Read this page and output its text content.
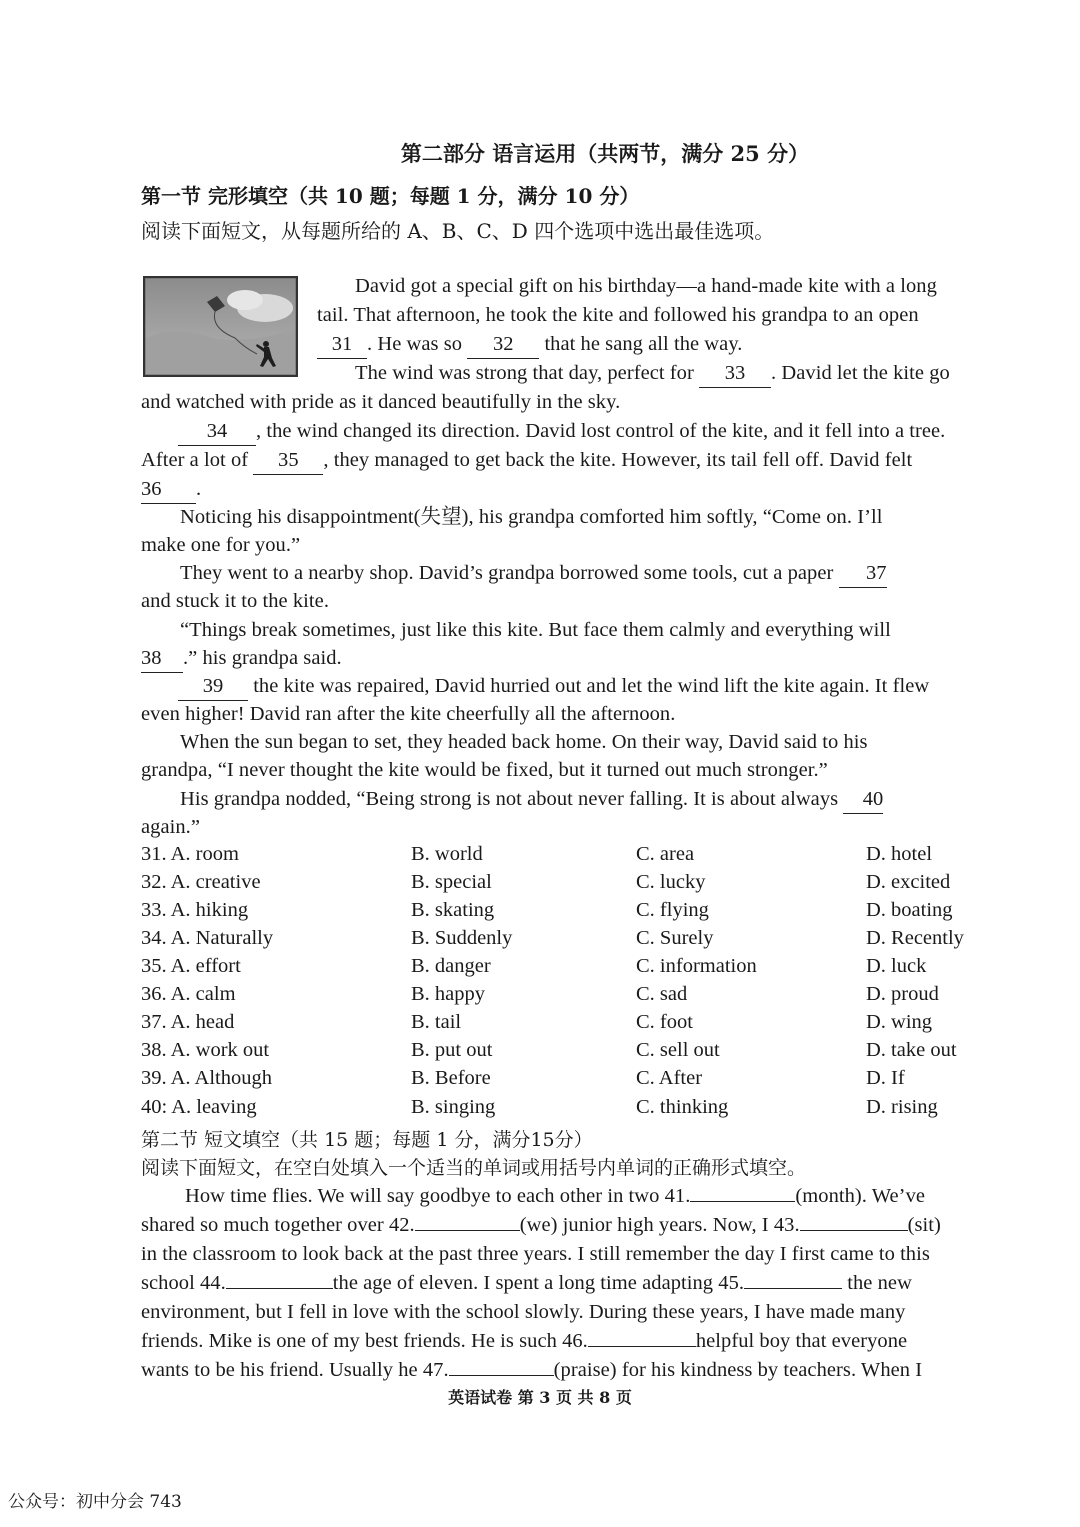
第二部分 语言运用（共两节，满分 25 分）
第一节 完形填空（共 10 题；每题 1 分，满分 10 分）
阅读下面短文，从每题所给的 A、B、C、D 四个选项中选出最佳选项。
David got a special gift on his birthday—a hand-made kite with a long
tail. That afternoon, he took the kite and followed his grandpa to an open
31 . He was so 32 that he sang all the way.
The wind was strong that day, perfect for 33 . David let the kite go
and watched with pride as it danced beautifully in the sky.
34 , the wind changed its direction. David lost control of the kite, and it fell into a tree.
After a lot of 35 , they managed to get back the kite. However, its tail fell off. David felt
36 .
Noticing his disappointment(失望), his grandpa comforted him softly, “Come on. I’ll
make one for you.”
They went to a nearby shop. David’s grandpa borrowed some tools, cut a paper 37
and stuck it to the kite.
“Things break sometimes, just like this kite. But face them calmly and everything will
38 .” his grandpa said.
39 the kite was repaired, David hurried out and let the wind lift the kite again. It flew
even higher! David ran after the kite cheerfully all the afternoon.
When the sun began to set, they headed back home. On their way, David said to his
grandpa, “I never thought the kite would be fixed, but it turned out much stronger.”
His grandpa nodded, “Being strong is not about never falling. It is about always 40
again.”
31. A. room	B. world	C. area	D. hotel
32. A. creative	B. special	C. lucky	D. excited
33. A. hiking	B. skating	C. flying	D. boating
34. A. Naturally	B. Suddenly	C. Surely	D. Recently
35. A. effort	B. danger	C. information	D. luck
36. A. calm	B. happy	C. sad	D. proud
37. A. head	B. tail	C. foot	D. wing
38. A. work out	B. put out	C. sell out	D. take out
39. A. Although	B. Before	C. After	D. If
40: A. leaving	B. singing	C. thinking	D. rising
第二节 短文填空（共 15 题；每题 1 分，满分15分）
阅读下面短文，在空白处填入一个适当的单词或用括号内单词的正确形式填空。
How time flies. We will say goodbye to each other in two 41.	(month). We’ve
shared so much together over 42.	(we) junior high years. Now, I 43.	(sit)
in the classroom to look back at the past three years. I still remember the day I first came to this
school 44.	the age of eleven. I spent a long time adapting 45.	the new
environment, but I fell in love with the school slowly. During these years, I have made many
friends. Mike is one of my best friends. He is such 46.	helpful boy that everyone
wants to be his friend. Usually he 47.	(praise) for his kindness by teachers. When I
英语试卷 第 3 页 共 8 页
公众号：初中分会 743
